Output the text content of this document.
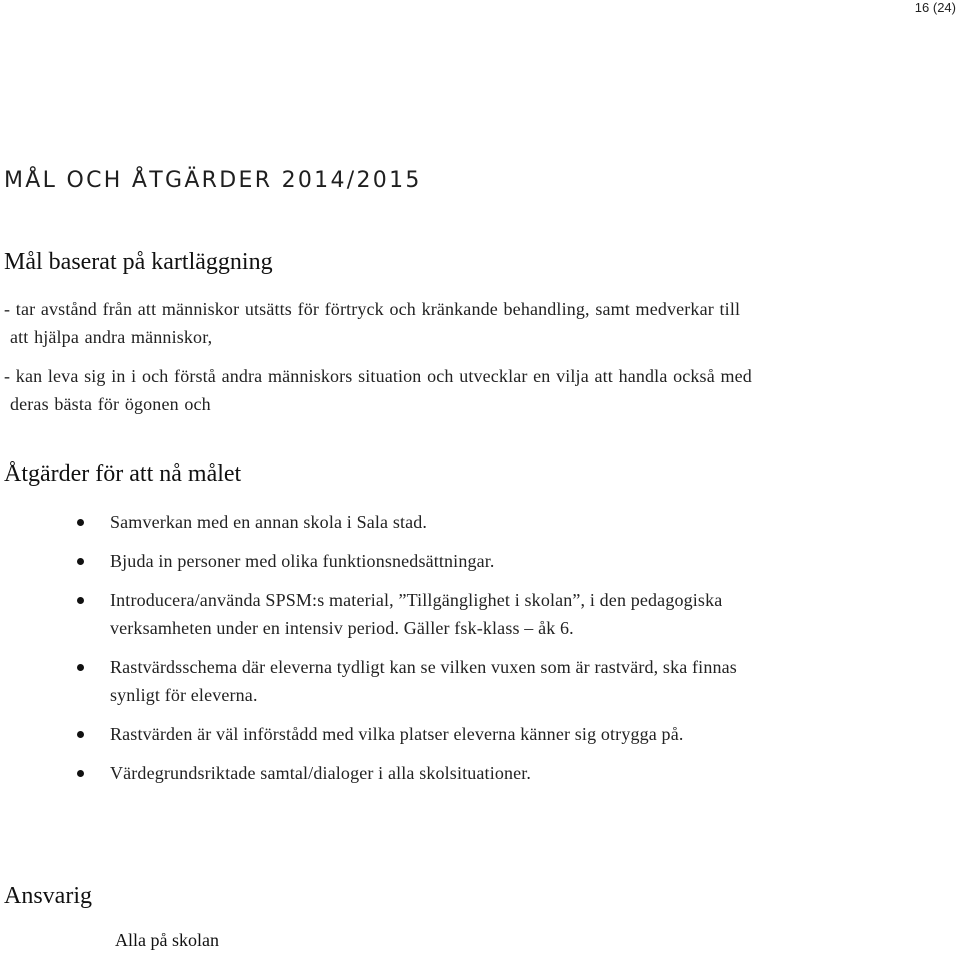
16 (24)
MÅL OCH ÅTGÄRDER 2014/2015
Mål baserat på kartläggning
- tar avstånd från att människor utsätts för förtryck och kränkande behandling, samt medverkar till
att hjälpa andra människor,
- kan leva sig in i och förstå andra människors situation och utvecklar en vilja att handla också med
deras bästa för ögonen och
Åtgärder för att nå målet
Samverkan med en annan skola i Sala stad.
Bjuda in personer med olika funktionsnedsättningar.
Introducera/använda SPSM:s material, ”Tillgänglighet i skolan”, i den pedagogiska
verksamheten under en intensiv period. Gäller fsk-klass – åk 6.
Rastvärdsschema där eleverna tydligt kan se vilken vuxen som är rastvärd, ska finnas
synligt för eleverna.
Rastvärden är väl införstådd med vilka platser eleverna känner sig otrygga på.
Värdegrundsriktade samtal/dialoger i alla skolsituationer.
Ansvarig
Alla på skolan
